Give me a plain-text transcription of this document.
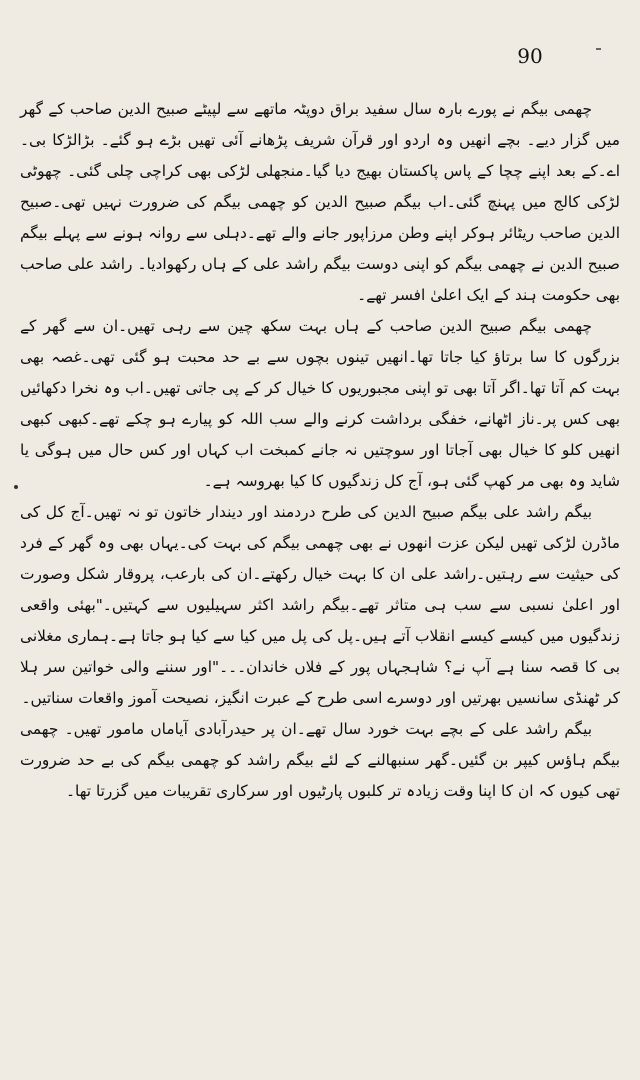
90

چھمی بیگم نے پورے بارہ سال سفید براق دوپٹہ ماتھے سے لپیٹے صبیح الدین صاحب کے گھر میں گزار دیے۔ بچے انھیں وہ اردو اور قرآن شریف پڑھانے آئی تھیں بڑے ہو گئے۔ بڑالڑکا بی۔اے۔کے بعد اپنے چچا کے پاس پاکستان بھیج دیا گیا۔منجھلی لڑکی بھی کراچی چلی گئی۔ چھوٹی لڑکی کالج میں پہنچ گئی۔اب بیگم صبیح الدین کو چھمی بیگم کی ضرورت نہیں تھی۔صبیح الدین صاحب ریٹائر ہوکر اپنے وطن مرزاپور جانے والے تھے۔دہلی سے روانہ ہونے سے پہلے بیگم صبیح الدین نے چھمی بیگم کو اپنی دوست بیگم راشد علی کے ہاں رکھوادیا۔ راشد علی صاحب بھی حکومت ہند کے ایک اعلیٰ افسر تھے۔

چھمی بیگم صبیح الدین صاحب کے ہاں بہت سکھ چین سے رہی تھیں۔ان سے گھر کے بزرگوں کا سا برتاؤ کیا جاتا تھا۔انھیں تینوں بچوں سے بے حد محبت ہو گئی تھی۔غصہ بھی بہت کم آتا تھا۔اگر آتا بھی تو اپنی مجبوریوں کا خیال کر کے پی جاتی تھیں۔اب وہ نخرا دکھائیں بھی کس پر۔ناز اٹھانے، خفگی برداشت کرنے والے سب اللہ کو پیارے ہو چکے تھے۔کبھی کبھی انھیں کلو کا خیال بھی آجاتا اور سوچتیں نہ جانے کمبخت اب کہاں اور کس حال میں ہوگی یا شاید وہ بھی مر کھپ گئی ہو، آج کل زندگیوں کا کیا بھروسہ ہے۔

بیگم راشد علی بیگم صبیح الدین کی طرح دردمند اور دیندار خاتون تو نہ تھیں۔آج کل کی ماڈرن لڑکی تھیں لیکن عزت انھوں نے بھی چھمی بیگم کی بہت کی۔یہاں بھی وہ گھر کے فرد کی حیثیت سے رہتیں۔راشد علی ان کا بہت خیال رکھتے۔ان کی بارعب، پروقار شکل وصورت اور اعلیٰ نسبی سے سب ہی متاثر تھے۔بیگم راشد اکثر سہیلیوں سے کہتیں۔"بھئی واقعی زندگیوں میں کیسے کیسے انقلاب آتے ہیں۔پل کی پل میں کیا سے کیا ہو جاتا ہے۔ہماری مغلانی بی کا قصہ سنا ہے آپ نے؟ شاہجہاں پور کے فلاں خاندان۔۔۔"اور سننے والی خواتین سر ہلا کر ٹھنڈی سانسیں بھرتیں اور دوسرے اسی طرح کے عبرت انگیز، نصیحت آموز واقعات سناتیں۔

بیگم راشد علی کے بچے بہت خورد سال تھے۔ان پر حیدرآبادی آیاماں مامور تھیں۔ چھمی بیگم ہاؤس کیپر بن گئیں۔گھر سنبھالنے کے لئے بیگم راشد کو چھمی بیگم کی بے حد ضرورت تھی کیوں کہ ان کا اپنا وقت زیادہ تر کلبوں پارٹیوں اور سرکاری تقریبات میں گزرتا تھا۔
